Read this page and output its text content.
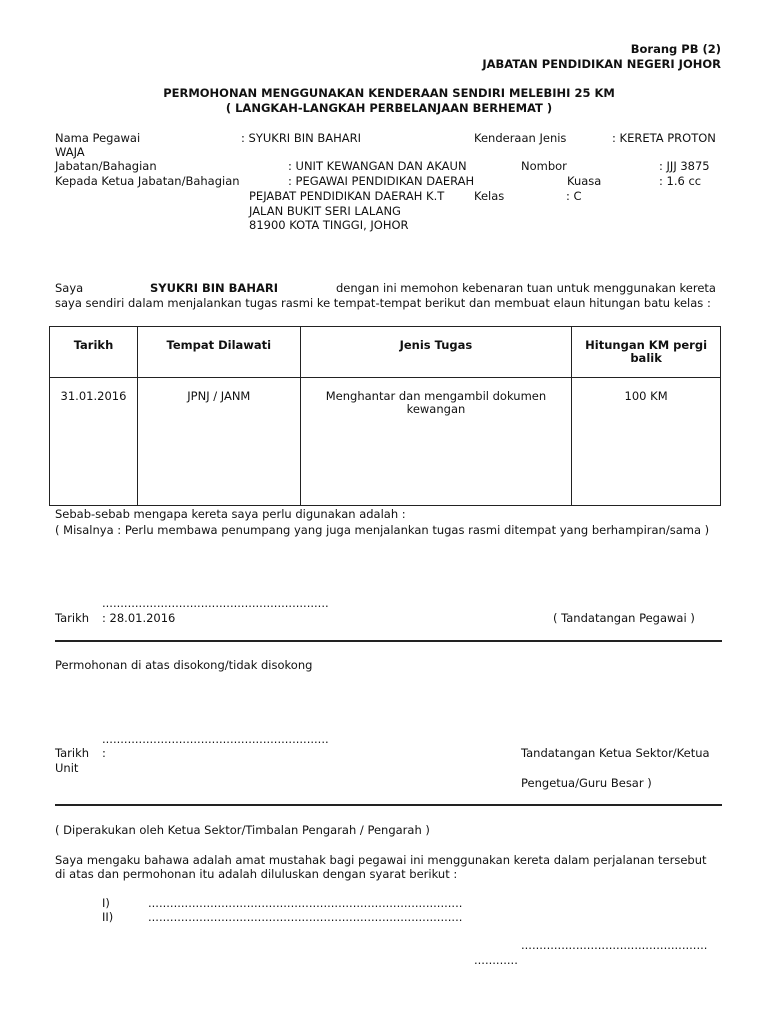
Borang PB (2)
JABATAN PENDIDIKAN NEGERI JOHOR
PERMOHONAN MENGGUNAKAN KENDERAAN SENDIRI MELEBIHI 25 KM
( LANGKAH-LANGKAH PERBELANJAAN BERHEMAT )
Nama Pegawai	: SYUKRI BIN BAHARI	Kenderaan Jenis	: KERETA PROTON
WAJA
Jabatan/Bahagian	: UNIT KEWANGAN DAN AKAUN	Nombor	: JJJ 3875
Kepada Ketua Jabatan/Bahagian	: PEGAWAI PENDIDIKAN DAERAH	Kuasa	: 1.6 cc
PEJABAT PENDIDIKAN DAERAH K.T	Kelas	: C
JALAN BUKIT SERI LALANG
81900 KOTA TINGGI, JOHOR
Saya	SYUKRI BIN BAHARI	dengan ini memohon kebenaran tuan untuk menggunakan kereta
saya sendiri dalam menjalankan tugas rasmi ke tempat-tempat berikut dan membuat elaun hitungan batu kelas :
Tarikh	Tempat Dilawati	Jenis Tugas	Hitungan KM pergi balik
31.01.2016	JPNJ / JANM	Menghantar dan mengambil dokumen kewangan	100 KM
Sebab-sebab mengapa kereta saya perlu digunakan adalah :
( Misalnya : Perlu membawa penumpang yang juga menjalankan tugas rasmi ditempat yang berhampiran/sama )
..............................................................
Tarikh : 28.01.2016	( Tandatangan Pegawai )
Permohonan di atas disokong/tidak disokong
..............................................................
Tarikh :
Unit
Tandatangan Ketua Sektor/Ketua
Pengetua/Guru Besar )
( Diperakukan oleh Ketua Sektor/Timbalan Pengarah / Pengarah )
Saya mengaku bahawa adalah amat mustahak bagi pegawai ini menggunakan kereta dalam perjalanan tersebut
di atas dan permohonan itu adalah diluluskan dengan syarat berikut :
I)	......................................................................................
II)	......................................................................................
...................................................
............
